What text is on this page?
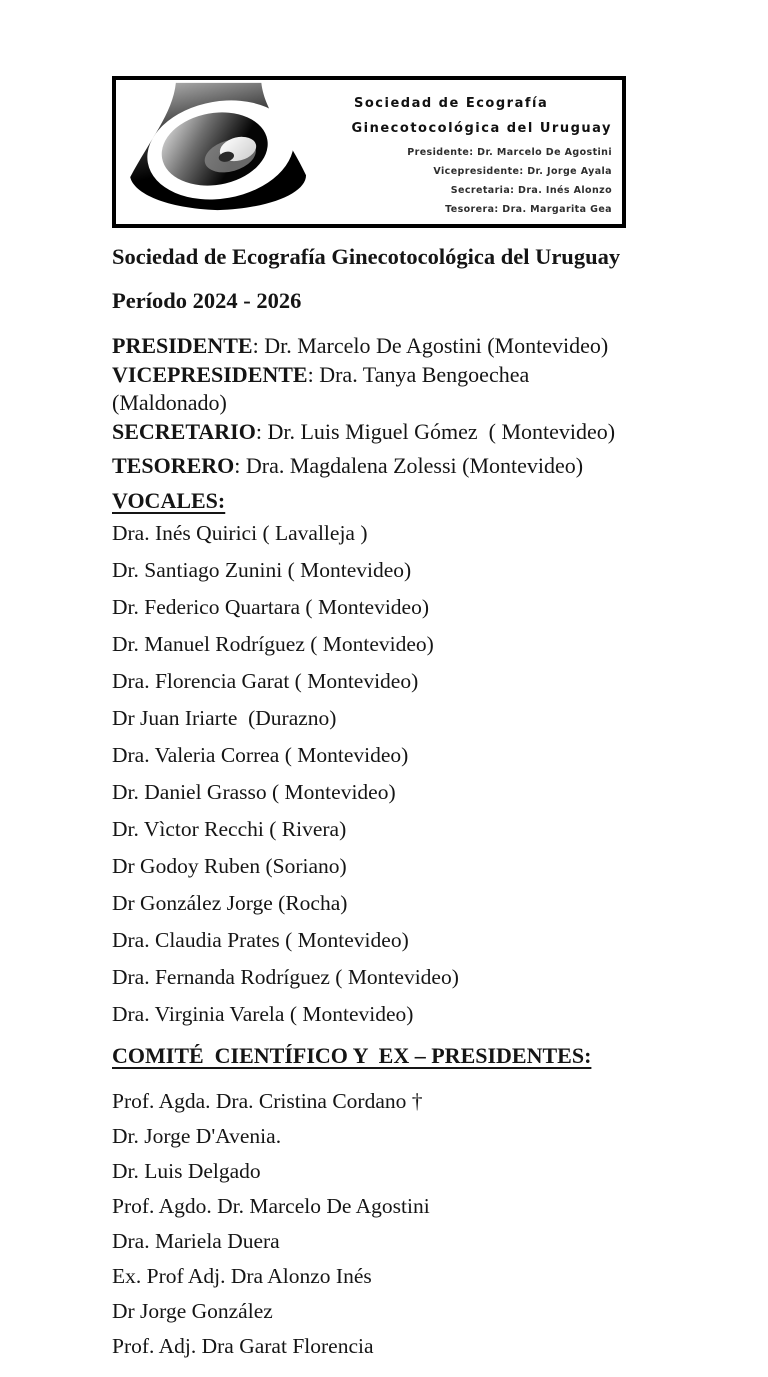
Sociedad de Ecografía
Ginecotocológica del Uruguay
Presidente: Dr. Marcelo De Agostini
Vicepresidente: Dr. Jorge Ayala
Secretaria: Dra. Inés Alonzo
Tesorera: Dra. Margarita Gea
Sociedad de Ecografía Ginecotocológica del Uruguay
Período 2024 - 2026
PRESIDENTE: Dr. Marcelo De Agostini (Montevideo)
VICEPRESIDENTE: Dra. Tanya Bengoechea
(Maldonado)
SECRETARIO: Dr. Luis Miguel Gómez  ( Montevideo)
TESORERO: Dra. Magdalena Zolessi (Montevideo)
VOCALES:

Dra. Inés Quirici ( Lavalleja )

Dr. Santiago Zunini ( Montevideo)

Dr. Federico Quartara ( Montevideo)

Dr. Manuel Rodríguez ( Montevideo)

Dra. Florencia Garat ( Montevideo)

Dr Juan Iriarte  (Durazno)

Dra. Valeria Correa ( Montevideo)

Dr. Daniel Grasso ( Montevideo)

Dr. Vìctor Recchi ( Rivera)

Dr Godoy Ruben (Soriano)

Dr González Jorge (Rocha)

Dra. Claudia Prates ( Montevideo)

Dra. Fernanda Rodríguez ( Montevideo)

Dra. Virginia Varela ( Montevideo)

COMITÉ  CIENTÍFICO Y  EX – PRESIDENTES:

Prof. Agda. Dra. Cristina Cordano †

Dr. Jorge D'Avenia.

Dr. Luis Delgado

Prof. Agdo. Dr. Marcelo De Agostini

Dra. Mariela Duera

Ex. Prof Adj. Dra Alonzo Inés

Dr Jorge González

Prof. Adj. Dra Garat Florencia
